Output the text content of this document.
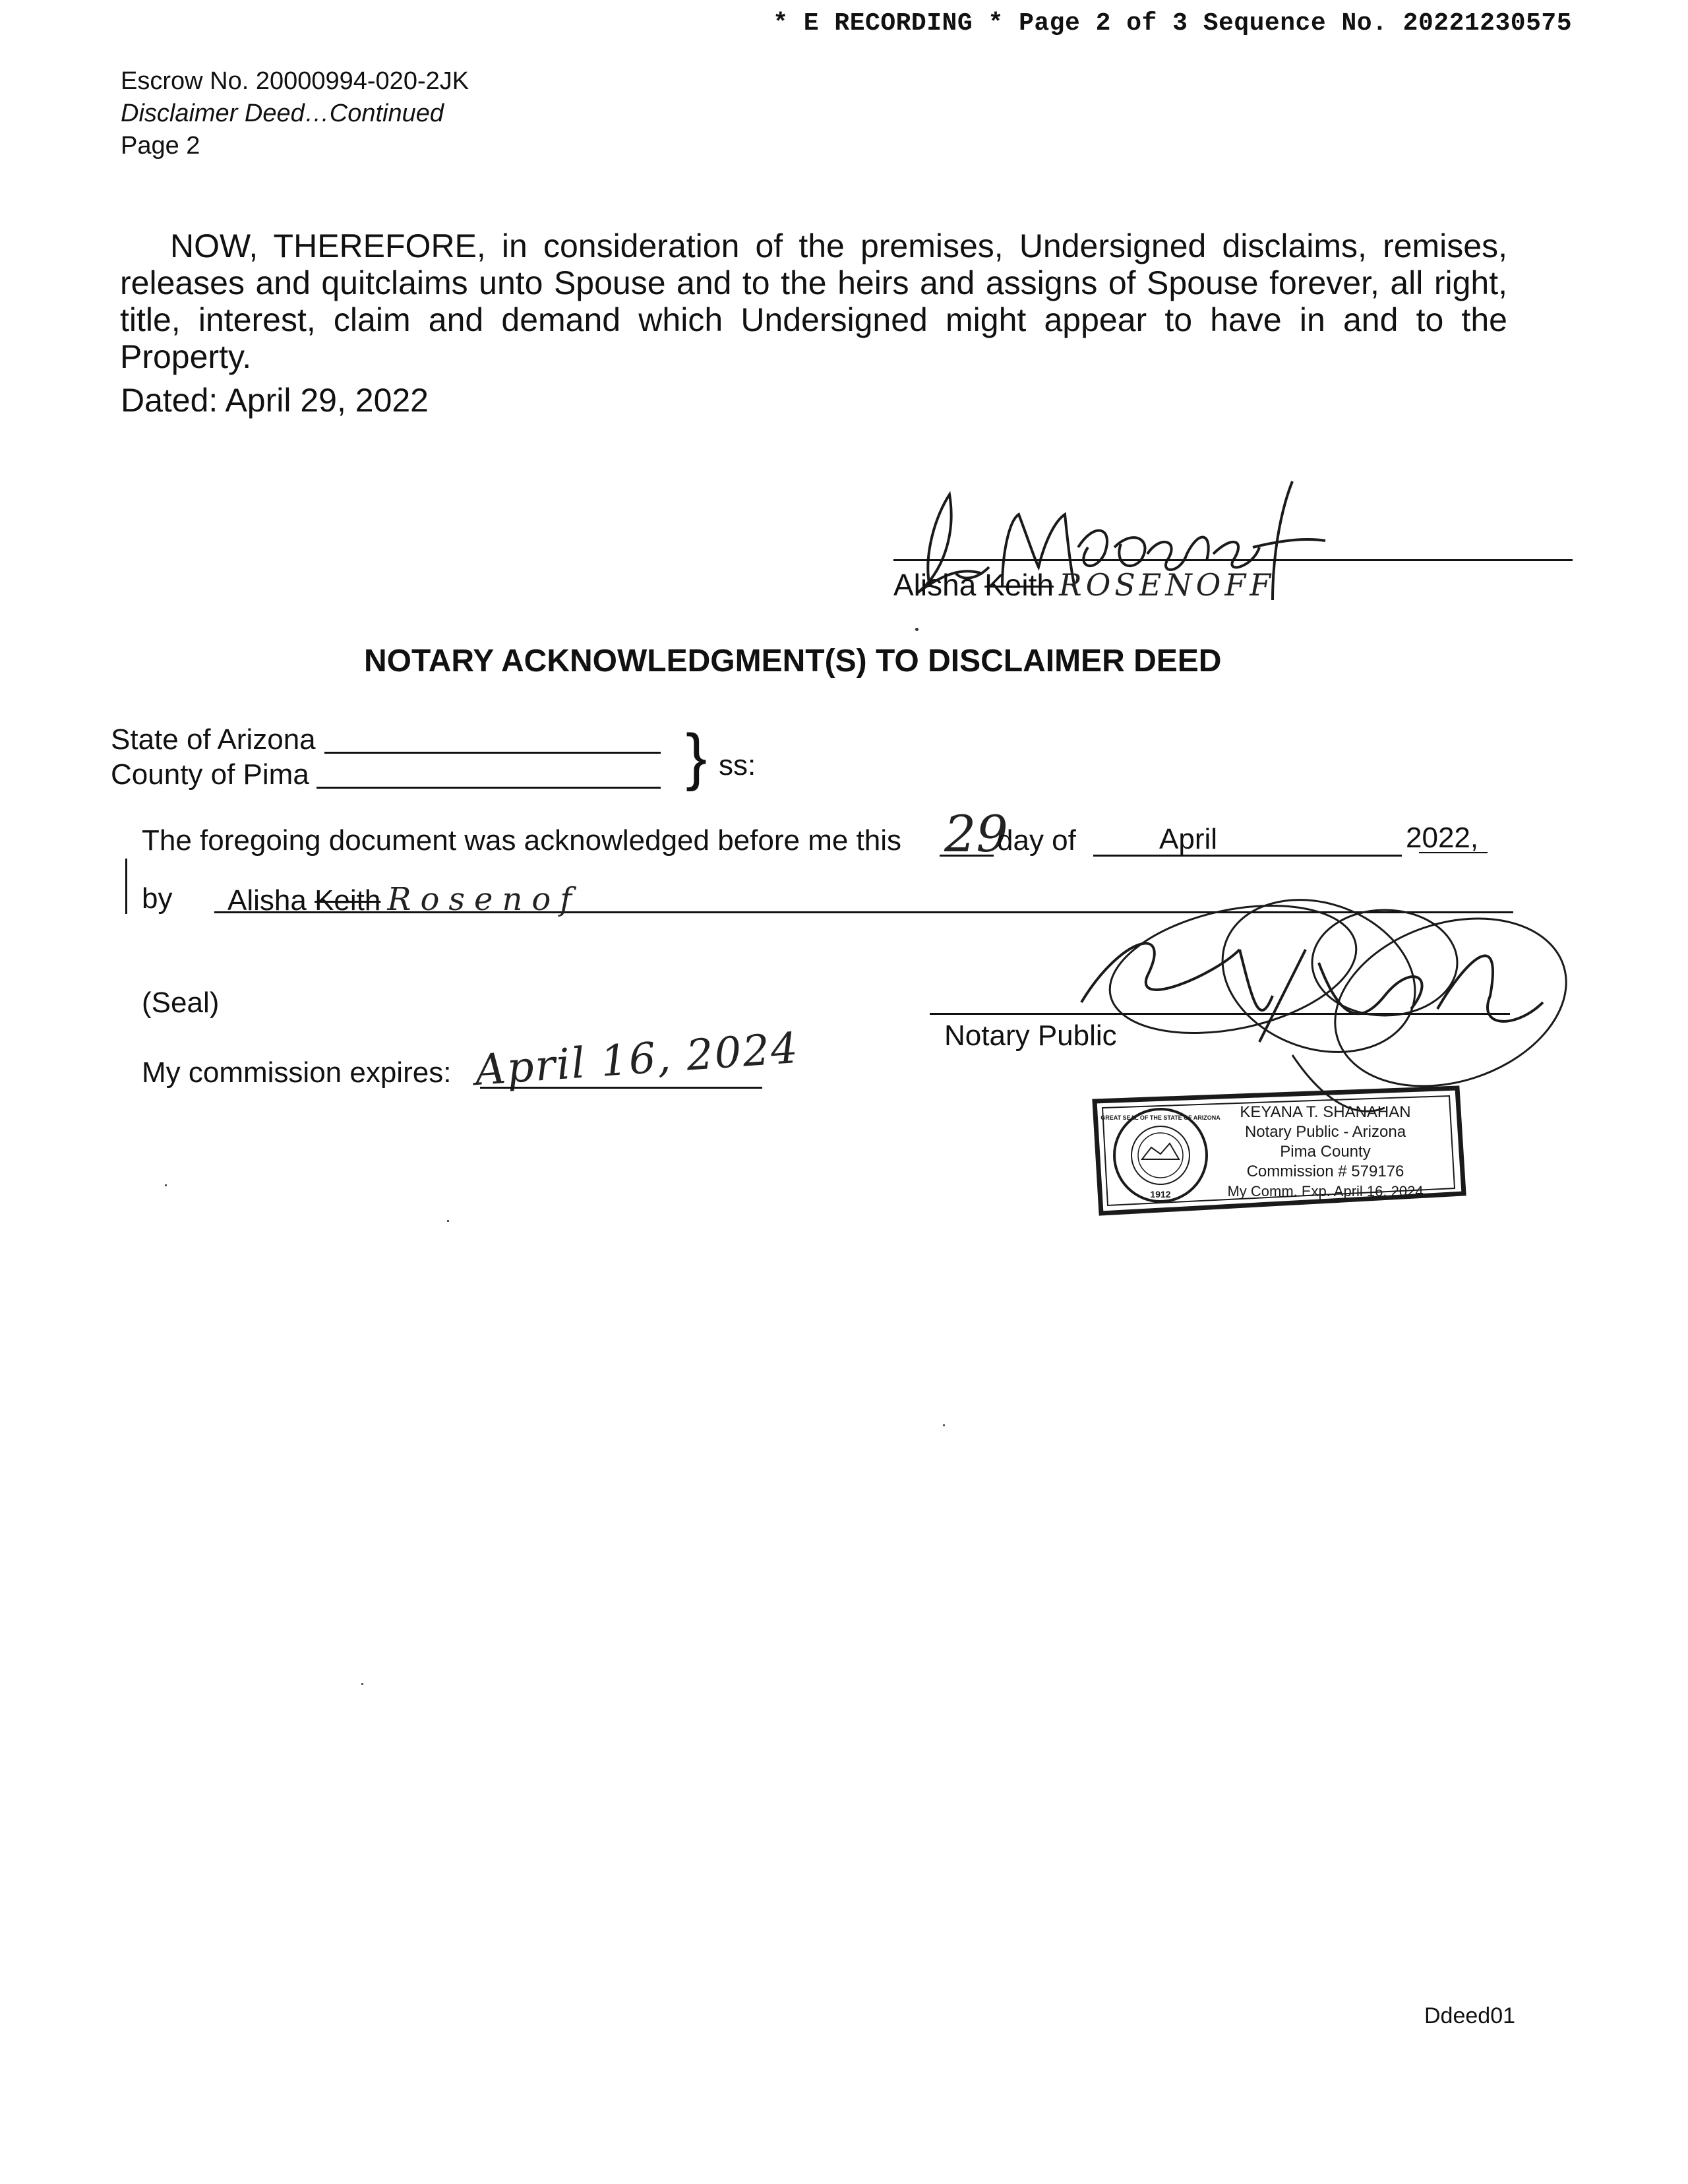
* E RECORDING * Page 2 of 3 Sequence No. 20221230575
Escrow No. 20000994-020-2JK
Disclaimer Deed…Continued
Page 2
NOW, THEREFORE, in consideration of the premises, Undersigned disclaims, remises, releases and quitclaims unto Spouse and to the heirs and assigns of Spouse forever, all right, title, interest, claim and demand which Undersigned might appear to have in and to the Property.
Dated: April 29, 2022
Alisha Keith ROSENOFF
NOTARY ACKNOWLEDGMENT(S) TO DISCLAIMER DEED
State of Arizona
County of Pima	} ss:
The foregoing document was acknowledged before me this 29
day of	April	2022,
by Alisha Keith Rosenof
(Seal)
My commission expires: April 16, 2024	Notary Public
GREAT SEAL OF THE STATE OF ARIZONA
1912
KEYANA T. SHANAHAN
Notary Public - Arizona
Pima County
Commission # 579176
My Comm. Exp. April 16, 2024
Ddeed01
